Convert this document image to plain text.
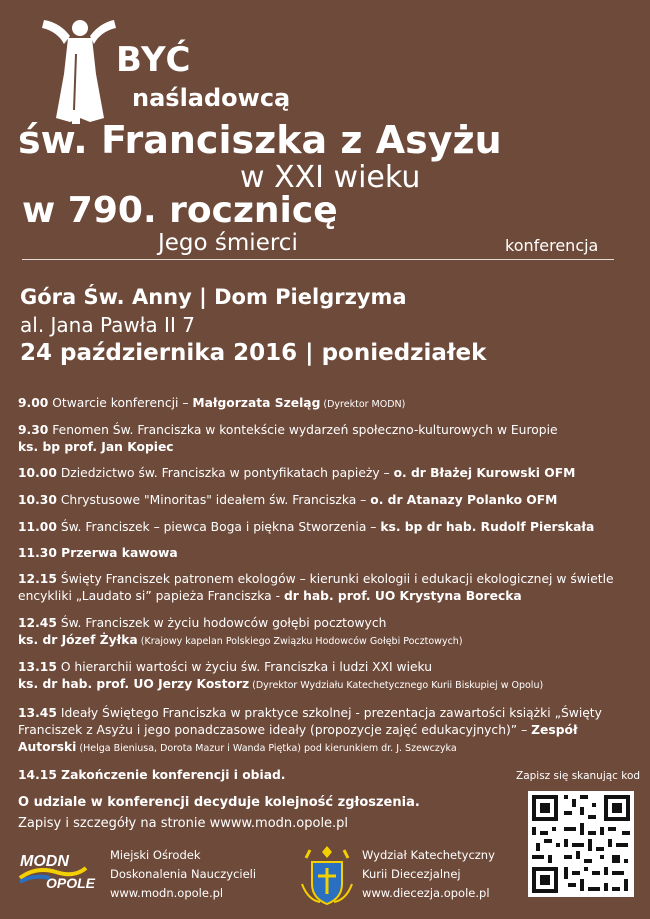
BYĆ
naśladowcą
św. Franciszka z Asyżu
w XXI wieku
w 790. rocznicę
Jego śmierci	konferencja
Góra Św. Anny | Dom Pielgrzyma
al. Jana Pawła II 7
24 października 2016 | poniedziałek
9.00 Otwarcie konferencji – Małgorzata Szeląg (Dyrektor MODN)
9.30 Fenomen Św. Franciszka w kontekście wydarzeń społeczno-kulturowych w Europie
ks. bp prof. Jan Kopiec
10.00 Dziedzictwo św. Franciszka w pontyfikatach papieży – o. dr Błażej Kurowski OFM
10.30 Chrystusowe "Minoritas" ideałem św. Franciszka – o. dr Atanazy Polanko OFM
11.00 Św. Franciszek – piewca Boga i piękna Stworzenia – ks. bp dr hab. Rudolf Pierskała
11.30 Przerwa kawowa
12.15 Święty Franciszek patronem ekologów – kierunki ekologii i edukacji ekologicznej w świetle encykliki „Laudato si” papieża Franciszka - dr hab. prof. UO Krystyna Borecka
12.45 Św. Franciszek w życiu hodowców gołębi pocztowych
ks. dr Józef Żyłka (Krajowy kapelan Polskiego Związku Hodowców Gołębi Pocztowych)
13.15 O hierarchii wartości w życiu św. Franciszka i ludzi XXI wieku
ks. dr hab. prof. UO Jerzy Kostorz (Dyrektor Wydziału Katechetycznego Kurii Biskupiej w Opolu)
13.45 Ideały Świętego Franciszka w praktyce szkolnej - prezentacja zawartości książki „Święty Franciszek z Asyżu i jego ponadczasowe ideały (propozycje zajęć edukacyjnych)” – Zespół Autorski (Helga Bieniusa, Dorota Mazur i Wanda Piętka) pod kierunkiem dr. J. Szewczyka
14.15 Zakończenie konferencji i obiad.
O udziale w konferencji decyduje kolejność zgłoszenia.
Zapisy i szczegóły na stronie wwww.modn.opole.pl
Zapisz się skanując kod
MODN
OPOLE
Miejski Ośrodek
Doskonalenia Nauczycieli
www.modn.opole.pl
Wydział Katechetyczny
Kurii Diecezjalnej
www.diecezja.opole.pl
